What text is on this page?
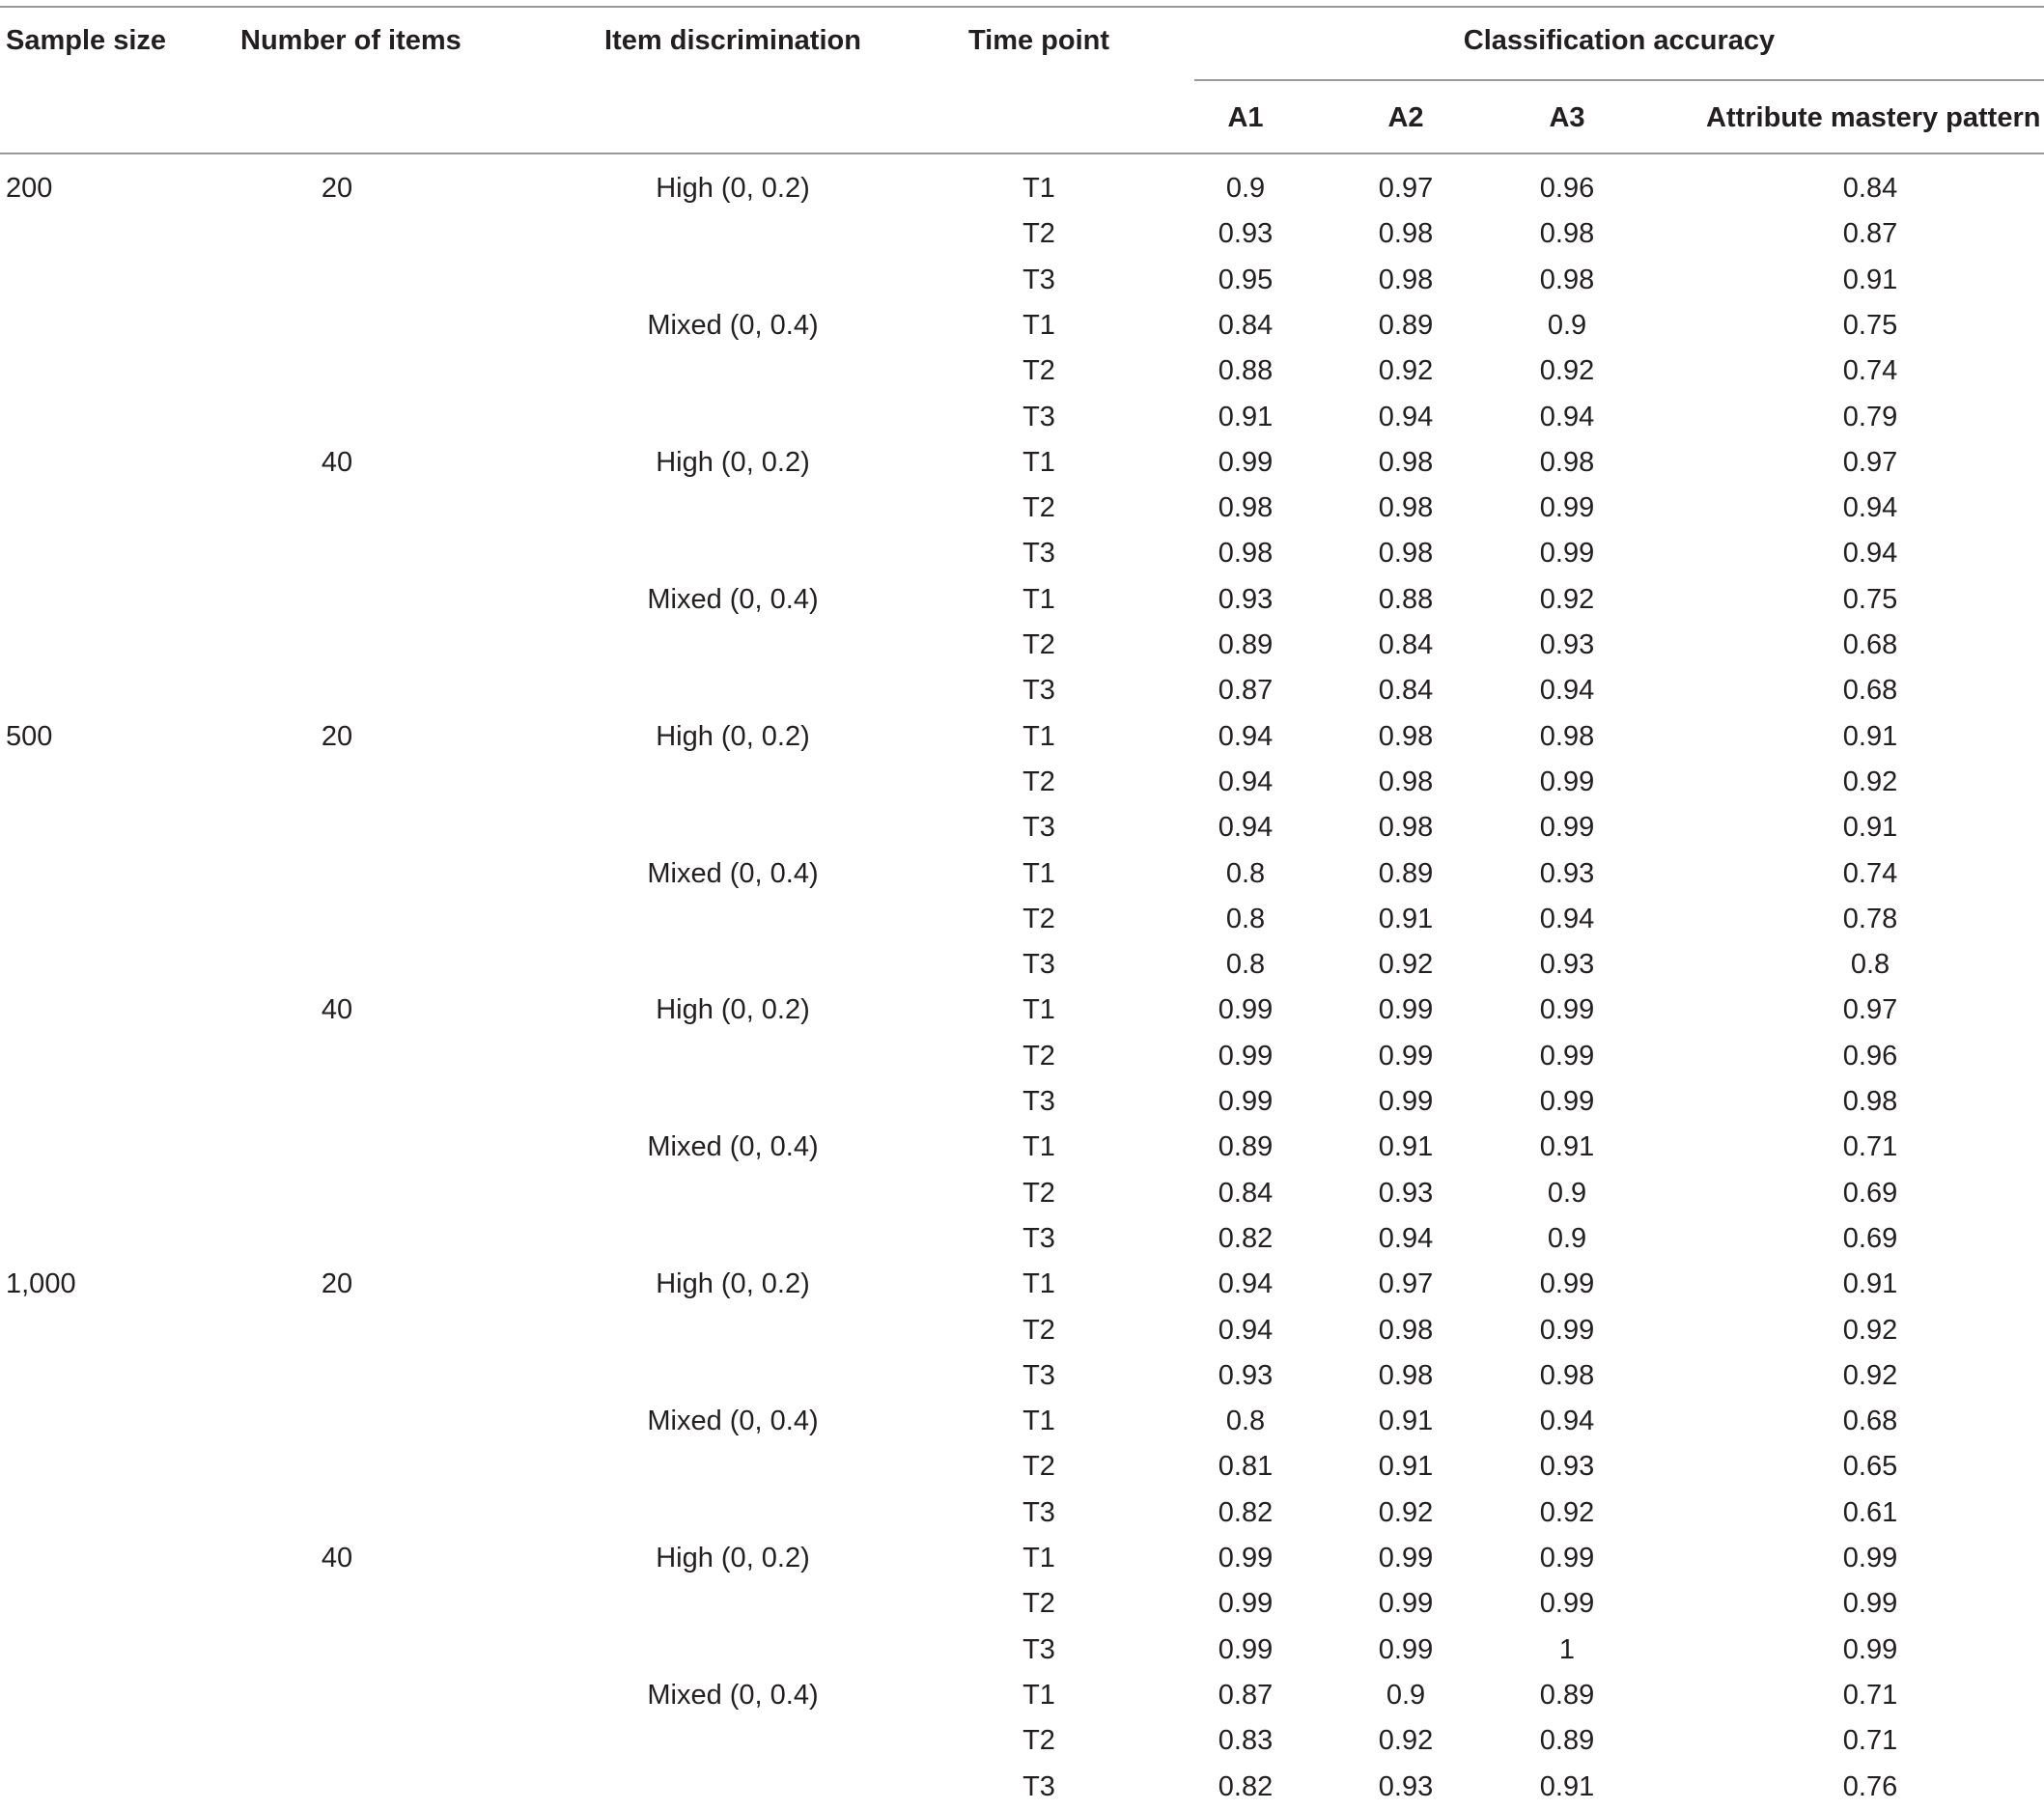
Sample size	Number of items	Item discrimination	Time point	Classification accuracy
A1	A2	A3	Attribute mastery pattern
200	20	High (0, 0.2)	T1	0.9	0.97	0.96	0.84
T2	0.93	0.98	0.98	0.87
T3	0.95	0.98	0.98	0.91
Mixed (0, 0.4)	T1	0.84	0.89	0.9	0.75
T2	0.88	0.92	0.92	0.74
T3	0.91	0.94	0.94	0.79
40	High (0, 0.2)	T1	0.99	0.98	0.98	0.97
T2	0.98	0.98	0.99	0.94
T3	0.98	0.98	0.99	0.94
Mixed (0, 0.4)	T1	0.93	0.88	0.92	0.75
T2	0.89	0.84	0.93	0.68
T3	0.87	0.84	0.94	0.68
500	20	High (0, 0.2)	T1	0.94	0.98	0.98	0.91
T2	0.94	0.98	0.99	0.92
T3	0.94	0.98	0.99	0.91
Mixed (0, 0.4)	T1	0.8	0.89	0.93	0.74
T2	0.8	0.91	0.94	0.78
T3	0.8	0.92	0.93	0.8
40	High (0, 0.2)	T1	0.99	0.99	0.99	0.97
T2	0.99	0.99	0.99	0.96
T3	0.99	0.99	0.99	0.98
Mixed (0, 0.4)	T1	0.89	0.91	0.91	0.71
T2	0.84	0.93	0.9	0.69
T3	0.82	0.94	0.9	0.69
1,000	20	High (0, 0.2)	T1	0.94	0.97	0.99	0.91
T2	0.94	0.98	0.99	0.92
T3	0.93	0.98	0.98	0.92
Mixed (0, 0.4)	T1	0.8	0.91	0.94	0.68
T2	0.81	0.91	0.93	0.65
T3	0.82	0.92	0.92	0.61
40	High (0, 0.2)	T1	0.99	0.99	0.99	0.99
T2	0.99	0.99	0.99	0.99
T3	0.99	0.99	1	0.99
Mixed (0, 0.4)	T1	0.87	0.9	0.89	0.71
T2	0.83	0.92	0.89	0.71
T3	0.82	0.93	0.91	0.76
